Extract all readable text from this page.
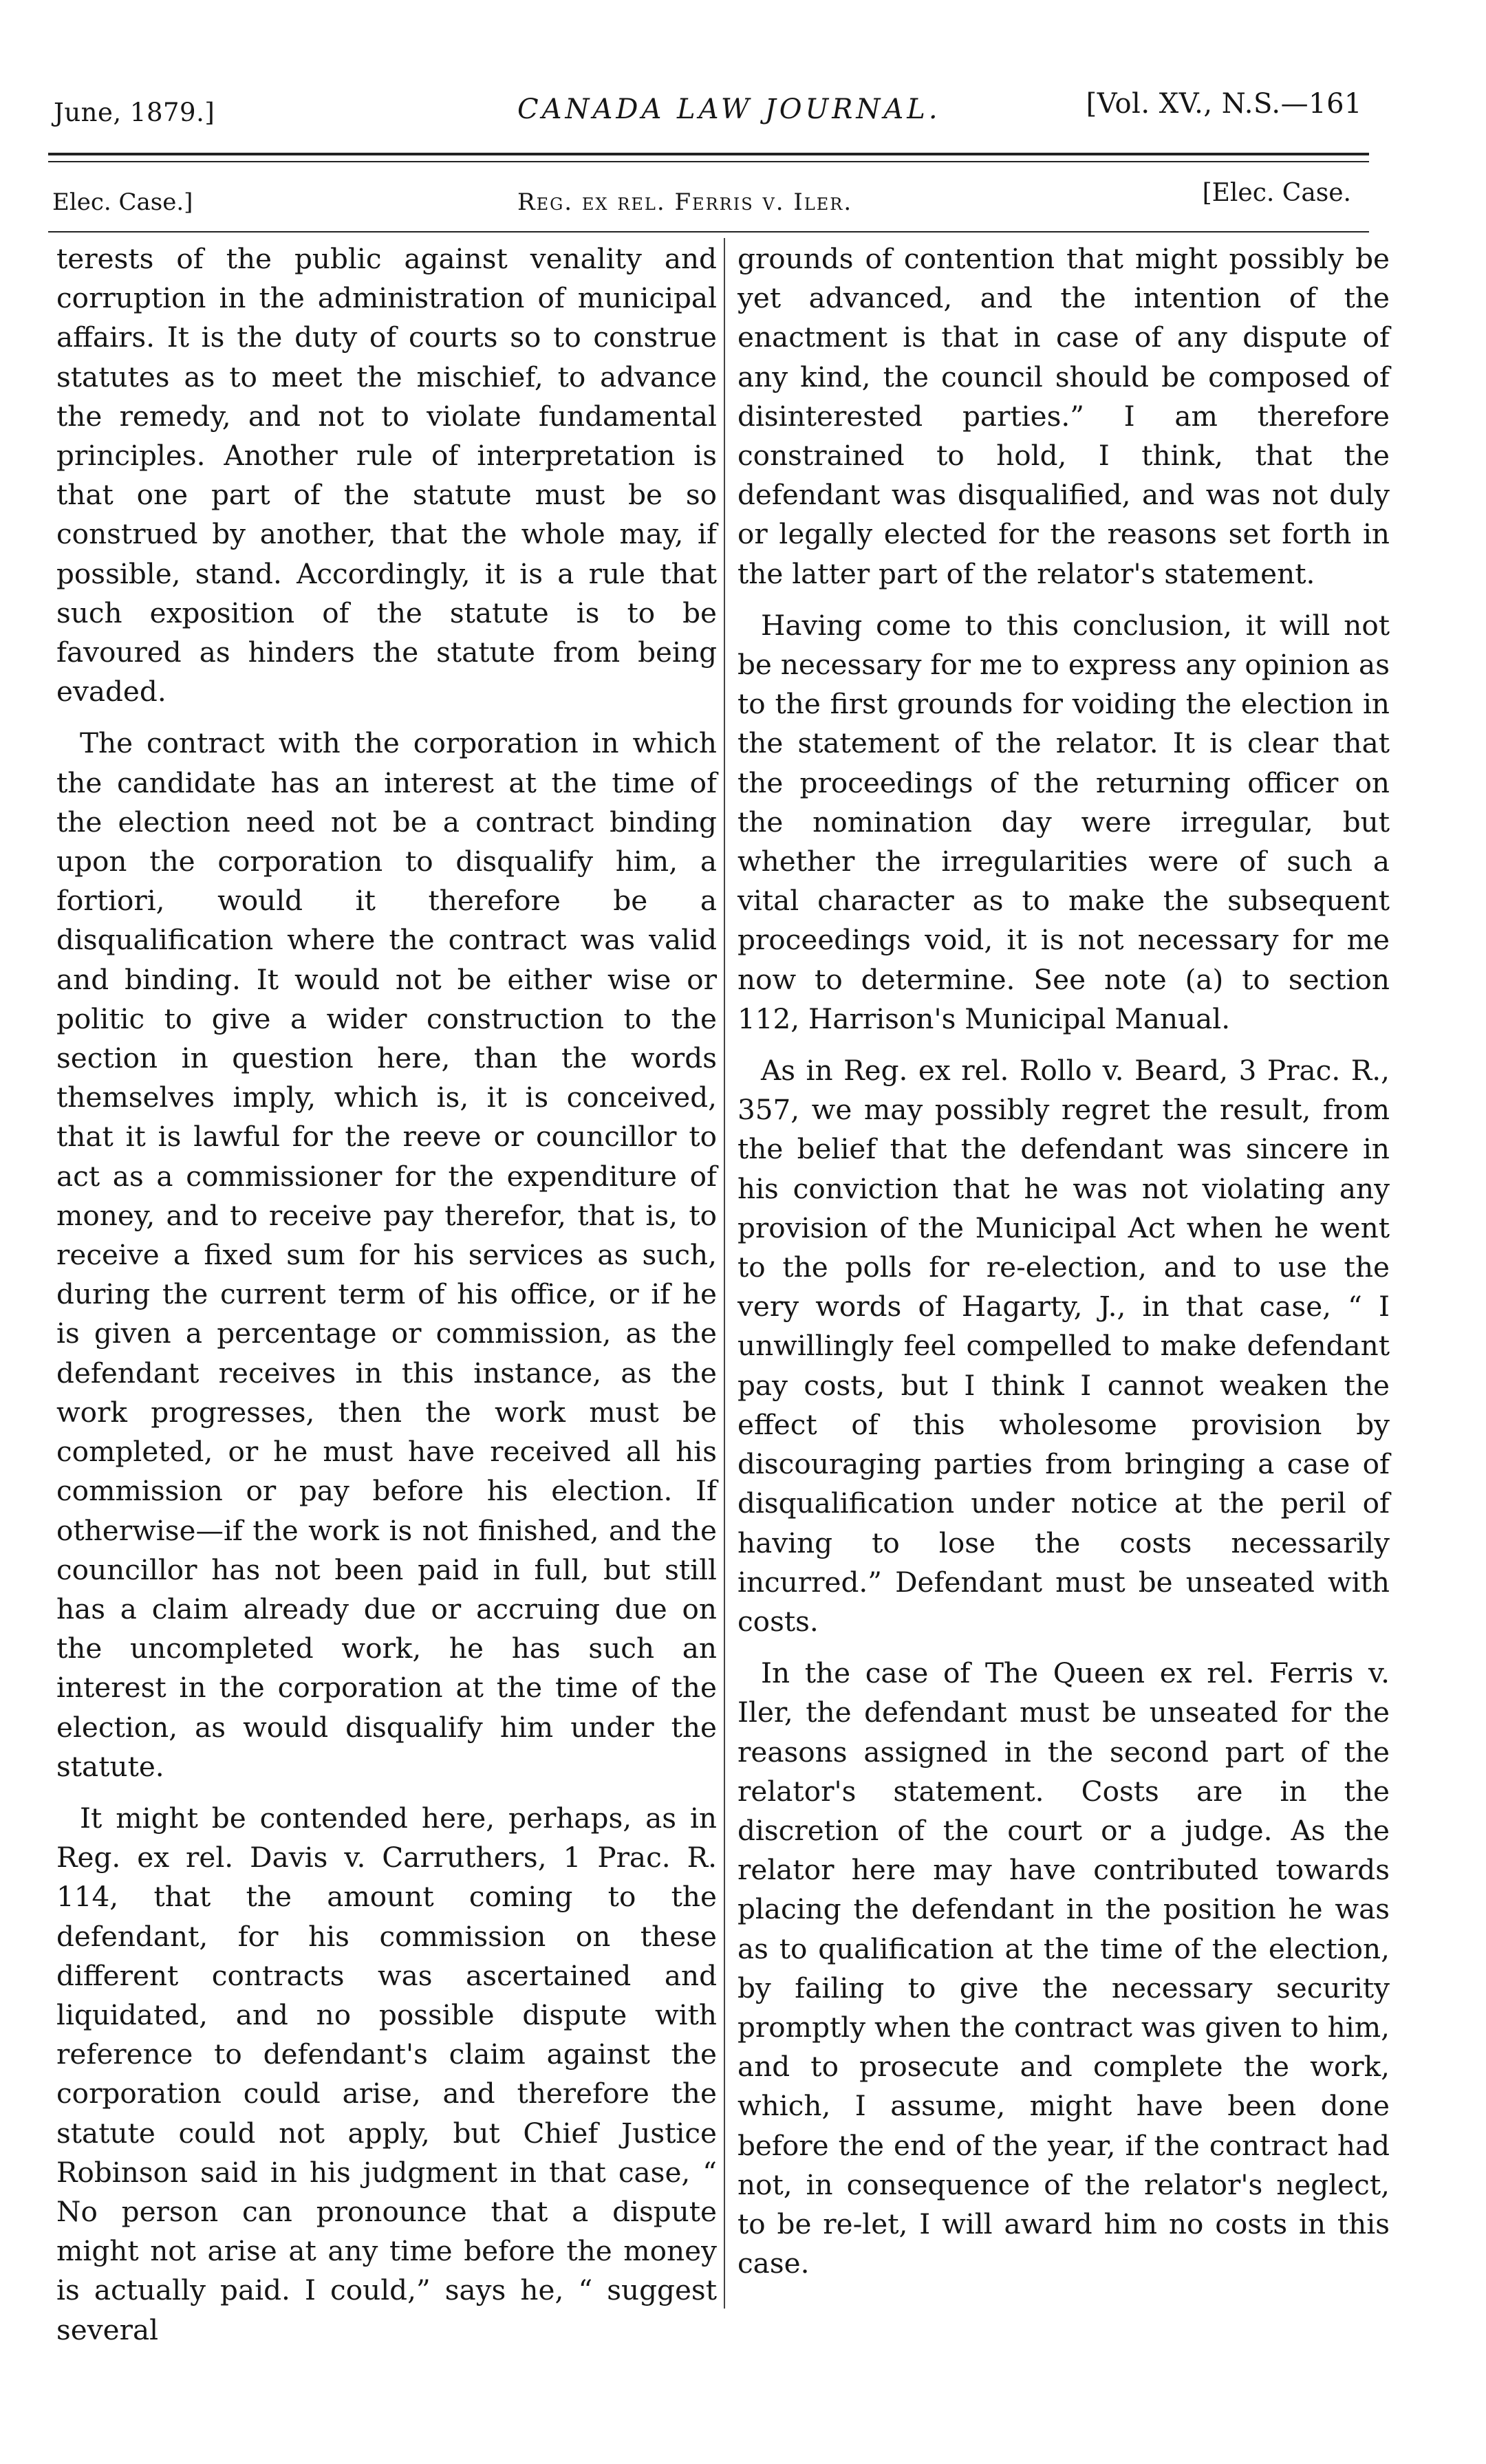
June, 1879.]	CANADA LAW JOURNAL.	[Vol. XV., N.S.—161
Elec. Case.]	Reg. ex rel. Ferris v. Iler.	[Elec. Case.

terests of the public against venality and corruption in the administration of municipal affairs. It is the duty of courts so to construe statutes as to meet the mischief, to advance the remedy, and not to violate fundamental principles. Another rule of interpretation is that one part of the statute must be so construed by another, that the whole may, if possible, stand. Accordingly, it is a rule that such exposition of the statute is to be favoured as hinders the statute from being evaded.

The contract with the corporation in which the candidate has an interest at the time of the election need not be a contract binding upon the corporation to disqualify him, a fortiori, would it therefore be a disqualification where the contract was valid and binding. It would not be either wise or politic to give a wider construction to the section in question here, than the words themselves imply, which is, it is conceived, that it is lawful for the reeve or councillor to act as a commissioner for the expenditure of money, and to receive pay therefor, that is, to receive a fixed sum for his services as such, during the current term of his office, or if he is given a percentage or commission, as the defendant receives in this instance, as the work progresses, then the work must be completed, or he must have received all his commission or pay before his election. If otherwise—if the work is not finished, and the councillor has not been paid in full, but still has a claim already due or accruing due on the uncompleted work, he has such an interest in the corporation at the time of the election, as would disqualify him under the statute.

It might be contended here, perhaps, as in Reg. ex rel. Davis v. Carruthers, 1 Prac. R. 114, that the amount coming to the defendant, for his commission on these different contracts was ascertained and liquidated, and no possible dispute with reference to defendant's claim against the corporation could arise, and therefore the statute could not apply, but Chief Justice Robinson said in his judgment in that case, “ No person can pronounce that a dispute might not arise at any time before the money is actually paid. I could,” says he, “ suggest several

grounds of contention that might possibly be yet advanced, and the intention of the enactment is that in case of any dispute of any kind, the council should be composed of disinterested parties.” I am therefore constrained to hold, I think, that the defendant was disqualified, and was not duly or legally elected for the reasons set forth in the latter part of the relator's statement.

Having come to this conclusion, it will not be necessary for me to express any opinion as to the first grounds for voiding the election in the statement of the relator. It is clear that the proceedings of the returning officer on the nomination day were irregular, but whether the irregularities were of such a vital character as to make the subsequent proceedings void, it is not necessary for me now to determine. See note (a) to section 112, Harrison's Municipal Manual.

As in Reg. ex rel. Rollo v. Beard, 3 Prac. R., 357, we may possibly regret the result, from the belief that the defendant was sincere in his conviction that he was not violating any provision of the Municipal Act when he went to the polls for re-election, and to use the very words of Hagarty, J., in that case, “ I unwillingly feel compelled to make defendant pay costs, but I think I cannot weaken the effect of this wholesome provision by discouraging parties from bringing a case of disqualification under notice at the peril of having to lose the costs necessarily incurred.” Defendant must be unseated with costs.

In the case of The Queen ex rel. Ferris v. Iler, the defendant must be unseated for the reasons assigned in the second part of the relator's statement. Costs are in the discretion of the court or a judge. As the relator here may have contributed towards placing the defendant in the position he was as to qualification at the time of the election, by failing to give the necessary security promptly when the contract was given to him, and to prosecute and complete the work, which, I assume, might have been done before the end of the year, if the contract had not, in consequence of the relator's neglect, to be re-let, I will award him no costs in this case.
